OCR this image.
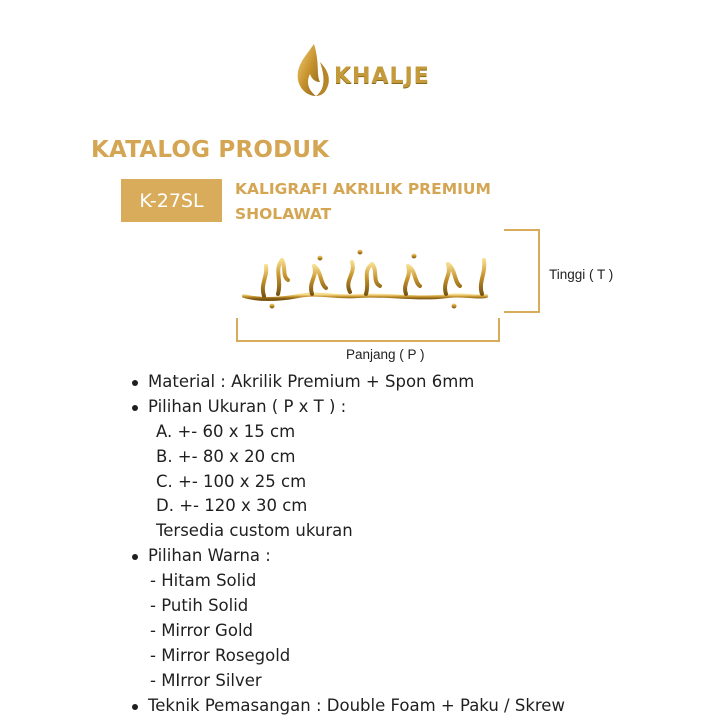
KHALJE
KATALOG PRODUK
K-27SL
KALIGRAFI AKRILIK PREMIUM
SHOLAWAT
Tinggi ( T )
Panjang ( P )
Material : Akrilik Premium + Spon 6mm
Pilihan Ukuran ( P x T ) :
A. +- 60 x 15 cm
B. +- 80 x 20 cm
C. +- 100 x 25 cm
D. +- 120 x 30 cm
Tersedia custom ukuran
Pilihan Warna :
- Hitam Solid
- Putih Solid
- Mirror Gold
- Mirror Rosegold
- MIrror Silver
Teknik Pemasangan : Double Foam + Paku / Skrew
